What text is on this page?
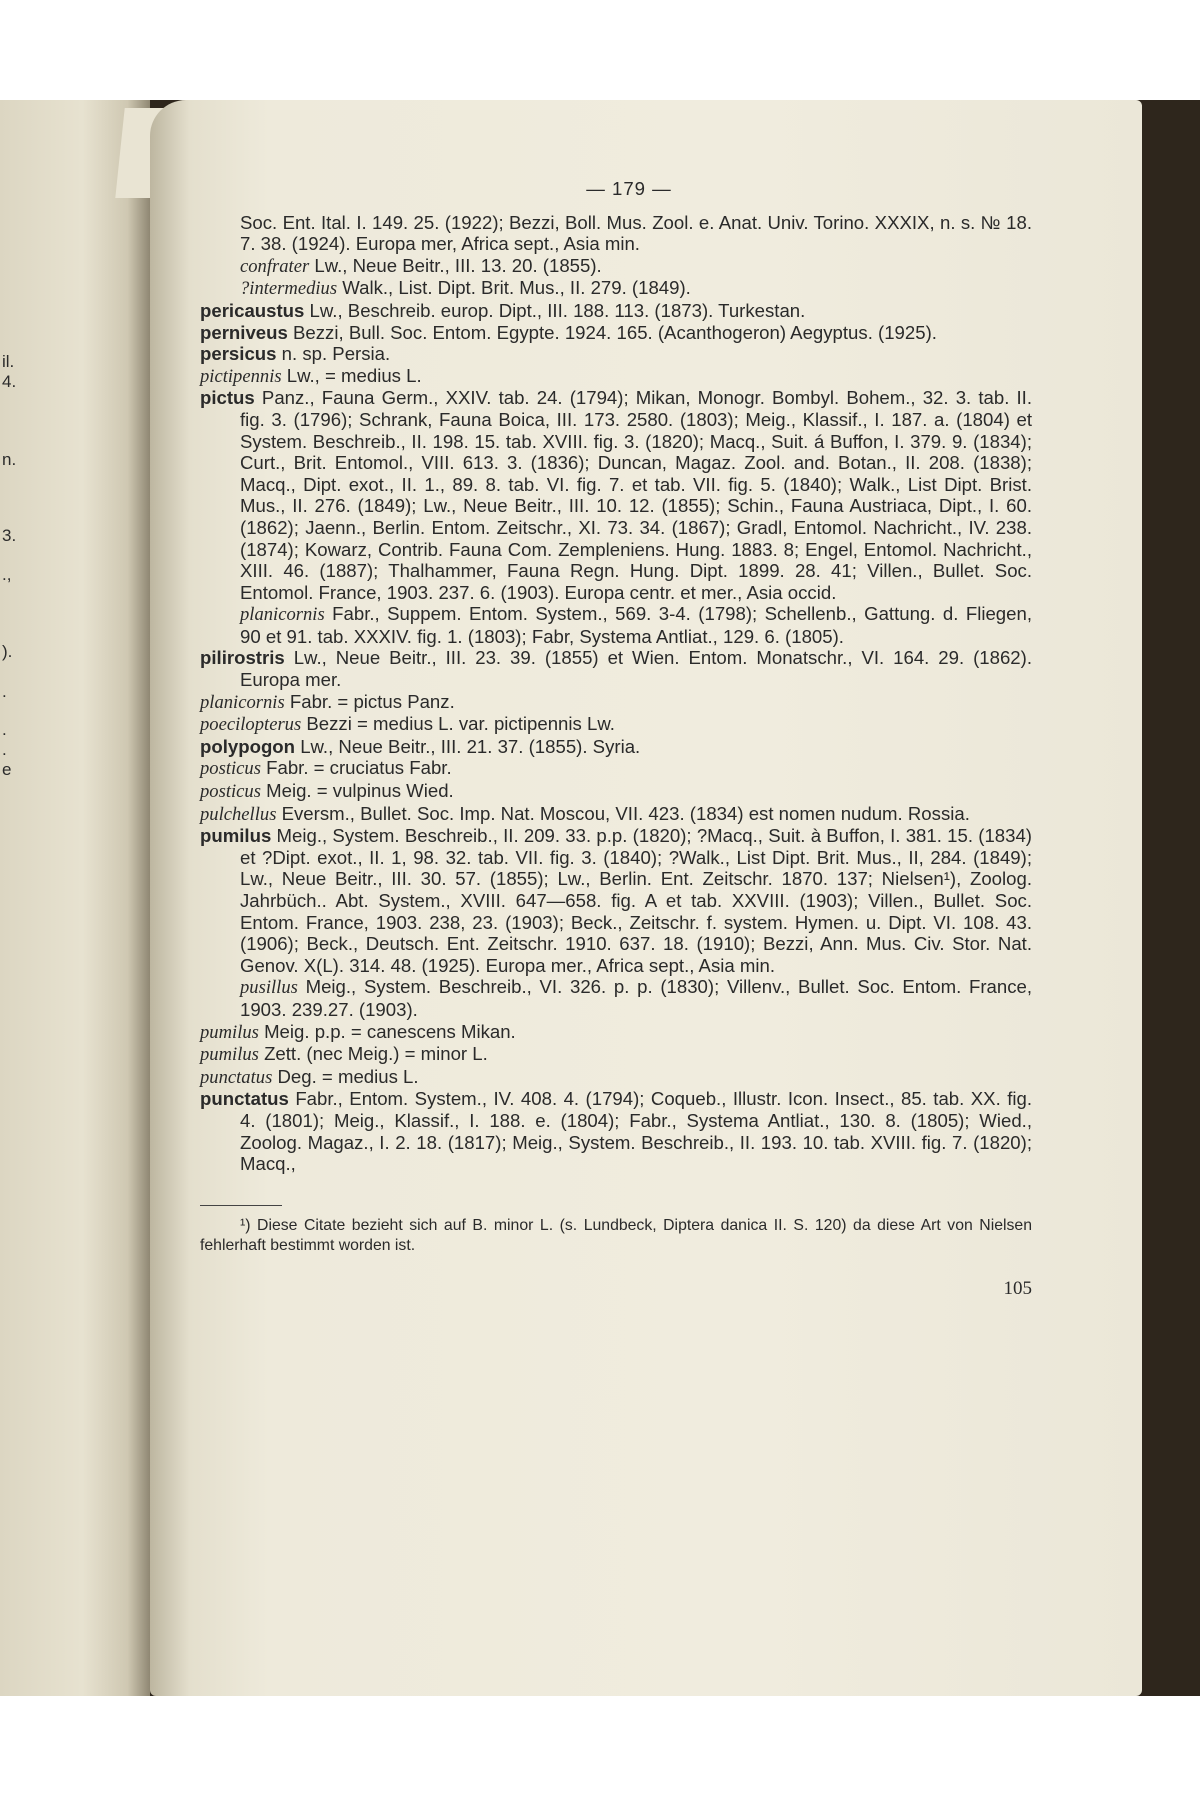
il.
4.
n.
3.
.,
).
.
.
.
e
— 179 —

Soc. Ent. Ital. I. 149. 25. (1922); Bezzi, Boll. Mus. Zool. e. Anat. Univ. Torino. XXXIX, n. s. № 18. 7. 38. (1924). Europa mer, Africa sept., Asia min.

confrater Lw., Neue Beitr., III. 13. 20. (1855).

?intermedius Walk., List. Dipt. Brit. Mus., II. 279. (1849).

pericaustus Lw., Beschreib. europ. Dipt., III. 188. 113. (1873). Turkestan.

perniveus Bezzi, Bull. Soc. Entom. Egypte. 1924. 165. (Acanthogeron) Aegyptus. (1925).

persicus n. sp. Persia.

pictipennis Lw., = medius L.

pictus Panz., Fauna Germ., XXIV. tab. 24. (1794); Mikan, Monogr. Bombyl. Bohem., 32. 3. tab. II. fig. 3. (1796); Schrank, Fauna Boica, III. 173. 2580. (1803); Meig., Klassif., I. 187. a. (1804) et System. Beschreib., II. 198. 15. tab. XVIII. fig. 3. (1820); Macq., Suit. á Buffon, I. 379. 9. (1834); Curt., Brit. Entomol., VIII. 613. 3. (1836); Duncan, Magaz. Zool. and. Botan., II. 208. (1838); Macq., Dipt. exot., II. 1., 89. 8. tab. VI. fig. 7. et tab. VII. fig. 5. (1840); Walk., List Dipt. Brist. Mus., II. 276. (1849); Lw., Neue Beitr., III. 10. 12. (1855); Schin., Fauna Austriaca, Dipt., I. 60. (1862); Jaenn., Berlin. Entom. Zeitschr., XI. 73. 34. (1867); Gradl, Entomol. Nachricht., IV. 238. (1874); Kowarz, Contrib. Fauna Com. Zempleniens. Hung. 1883. 8; Engel, Entomol. Nachricht., XIII. 46. (1887); Thalhammer, Fauna Regn. Hung. Dipt. 1899. 28. 41; Villen., Bullet. Soc. Entomol. France, 1903. 237. 6. (1903). Europa centr. et mer., Asia occid.

planicornis Fabr., Suppem. Entom. System., 569. 3-4. (1798); Schellenb., Gattung. d. Fliegen, 90 et 91. tab. XXXIV. fig. 1. (1803); Fabr, Systema Antliat., 129. 6. (1805).

pilirostris Lw., Neue Beitr., III. 23. 39. (1855) et Wien. Entom. Monatschr., VI. 164. 29. (1862). Europa mer.

planicornis Fabr. = pictus Panz.

poecilopterus Bezzi = medius L. var. pictipennis Lw.

polypogon Lw., Neue Beitr., III. 21. 37. (1855). Syria.

posticus Fabr. = cruciatus Fabr.

posticus Meig. = vulpinus Wied.

pulchellus Eversm., Bullet. Soc. Imp. Nat. Moscou, VII. 423. (1834) est nomen nudum. Rossia.

pumilus Meig., System. Beschreib., II. 209. 33. p.p. (1820); ?Macq., Suit. à Buffon, I. 381. 15. (1834) et ?Dipt. exot., II. 1, 98. 32. tab. VII. fig. 3. (1840); ?Walk., List Dipt. Brit. Mus., II, 284. (1849); Lw., Neue Beitr., III. 30. 57. (1855); Lw., Berlin. Ent. Zeitschr. 1870. 137; Nielsen¹), Zoolog. Jahrbüch.. Abt. System., XVIII. 647—658. fig. A et tab. XXVIII. (1903); Villen., Bullet. Soc. Entom. France, 1903. 238, 23. (1903); Beck., Zeitschr. f. system. Hymen. u. Dipt. VI. 108. 43. (1906); Beck., Deutsch. Ent. Zeitschr. 1910. 637. 18. (1910); Bezzi, Ann. Mus. Civ. Stor. Nat. Genov. X(L). 314. 48. (1925). Europa mer., Africa sept., Asia min.

pusillus Meig., System. Beschreib., VI. 326. p. p. (1830); Villenv., Bullet. Soc. Entom. France, 1903. 239.27. (1903).

pumilus Meig. p.p. = canescens Mikan.

pumilus Zett. (nec Meig.) = minor L.

punctatus Deg. = medius L.

punctatus Fabr., Entom. System., IV. 408. 4. (1794); Coqueb., Illustr. Icon. Insect., 85. tab. XX. fig. 4. (1801); Meig., Klassif., I. 188. e. (1804); Fabr., Systema Antliat., 130. 8. (1805); Wied., Zoolog. Magaz., I. 2. 18. (1817); Meig., System. Beschreib., II. 193. 10. tab. XVIII. fig. 7. (1820); Macq.,

¹) Diese Citate bezieht sich auf B. minor L. (s. Lundbeck, Diptera danica II. S. 120) da diese Art von Nielsen fehlerhaft bestimmt worden ist.

105
